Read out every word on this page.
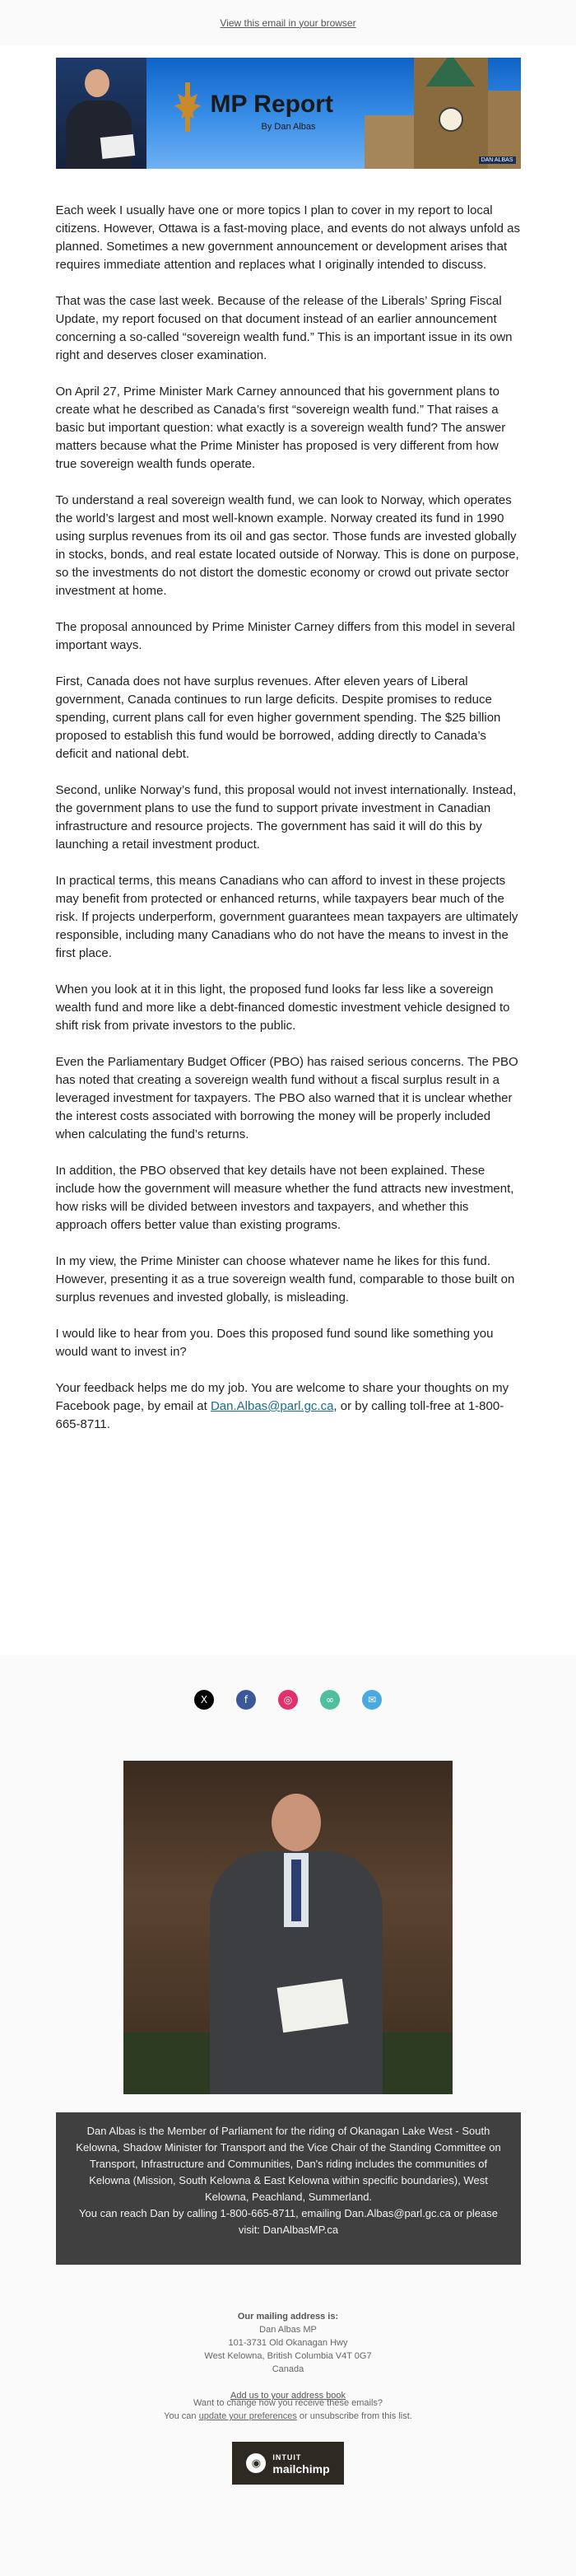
View this email in your browser
MP Report
By Dan Albas
DAN ALBAS

Each week I usually have one or more topics I plan to cover in my report to local citizens. However, Ottawa is a fast-moving place, and events do not always unfold as planned. Sometimes a new government announcement or development arises that requires immediate attention and replaces what I originally intended to discuss.

That was the case last week. Because of the release of the Liberals’ Spring Fiscal Update, my report focused on that document instead of an earlier announcement concerning a so-called “sovereign wealth fund.” This is an important issue in its own right and deserves closer examination.

On April 27, Prime Minister Mark Carney announced that his government plans to create what he described as Canada’s first “sovereign wealth fund.” That raises a basic but important question: what exactly is a sovereign wealth fund? The answer matters because what the Prime Minister has proposed is very different from how true sovereign wealth funds operate.

To understand a real sovereign wealth fund, we can look to Norway, which operates the world’s largest and most well-known example. Norway created its fund in 1990 using surplus revenues from its oil and gas sector. Those funds are invested globally in stocks, bonds, and real estate located outside of Norway. This is done on purpose, so the investments do not distort the domestic economy or crowd out private sector investment at home.

The proposal announced by Prime Minister Carney differs from this model in several important ways.

First, Canada does not have surplus revenues. After eleven years of Liberal government, Canada continues to run large deficits. Despite promises to reduce spending, current plans call for even higher government spending. The $25 billion proposed to establish this fund would be borrowed, adding directly to Canada’s deficit and national debt.

Second, unlike Norway’s fund, this proposal would not invest internationally. Instead, the government plans to use the fund to support private investment in Canadian infrastructure and resource projects. The government has said it will do this by launching a retail investment product.

In practical terms, this means Canadians who can afford to invest in these projects may benefit from protected or enhanced returns, while taxpayers bear much of the risk. If projects underperform, government guarantees mean taxpayers are ultimately responsible, including many Canadians who do not have the means to invest in the first place.

When you look at it in this light, the proposed fund looks far less like a sovereign wealth fund and more like a debt-financed domestic investment vehicle designed to shift risk from private investors to the public.

Even the Parliamentary Budget Officer (PBO) has raised serious concerns. The PBO has noted that creating a sovereign wealth fund without a fiscal surplus result in a leveraged investment for taxpayers. The PBO also warned that it is unclear whether the interest costs associated with borrowing the money will be properly included when calculating the fund’s returns.

In addition, the PBO observed that key details have not been explained. These include how the government will measure whether the fund attracts new investment, how risks will be divided between investors and taxpayers, and whether this approach offers better value than existing programs.

In my view, the Prime Minister can choose whatever name he likes for this fund. However, presenting it as a true sovereign wealth fund, comparable to those built on surplus revenues and invested globally, is misleading.

I would like to hear from you. Does this proposed fund sound like something you would want to invest in?

Your feedback helps me do my job. You are welcome to share your thoughts on my Facebook page, by email at Dan.Albas@parl.gc.ca, or by calling toll-free at 1-800-665-8711.

X	f	◎	∞	✉

Dan Albas is the Member of Parliament for the riding of Okanagan Lake West - South Kelowna, Shadow Minister for Transport and the Vice Chair of the Standing Committee on Transport, Infrastructure and Communities, Dan's riding includes the communities of Kelowna (Mission, South Kelowna & East Kelowna within specific boundaries), West Kelowna, Peachland, Summerland.

You can reach Dan by calling 1-800-665-8711, emailing Dan.Albas@parl.gc.ca or please visit: DanAlbasMP.ca

Our mailing address is:
Dan Albas MP
101-3731 Old Okanagan Hwy
West Kelowna, British Columbia V4T 0G7
Canada
Add us to your address book
Want to change how you receive these emails?
You can update your preferences or unsubscribe from this list.
◉	INTUIT
mailchimp
